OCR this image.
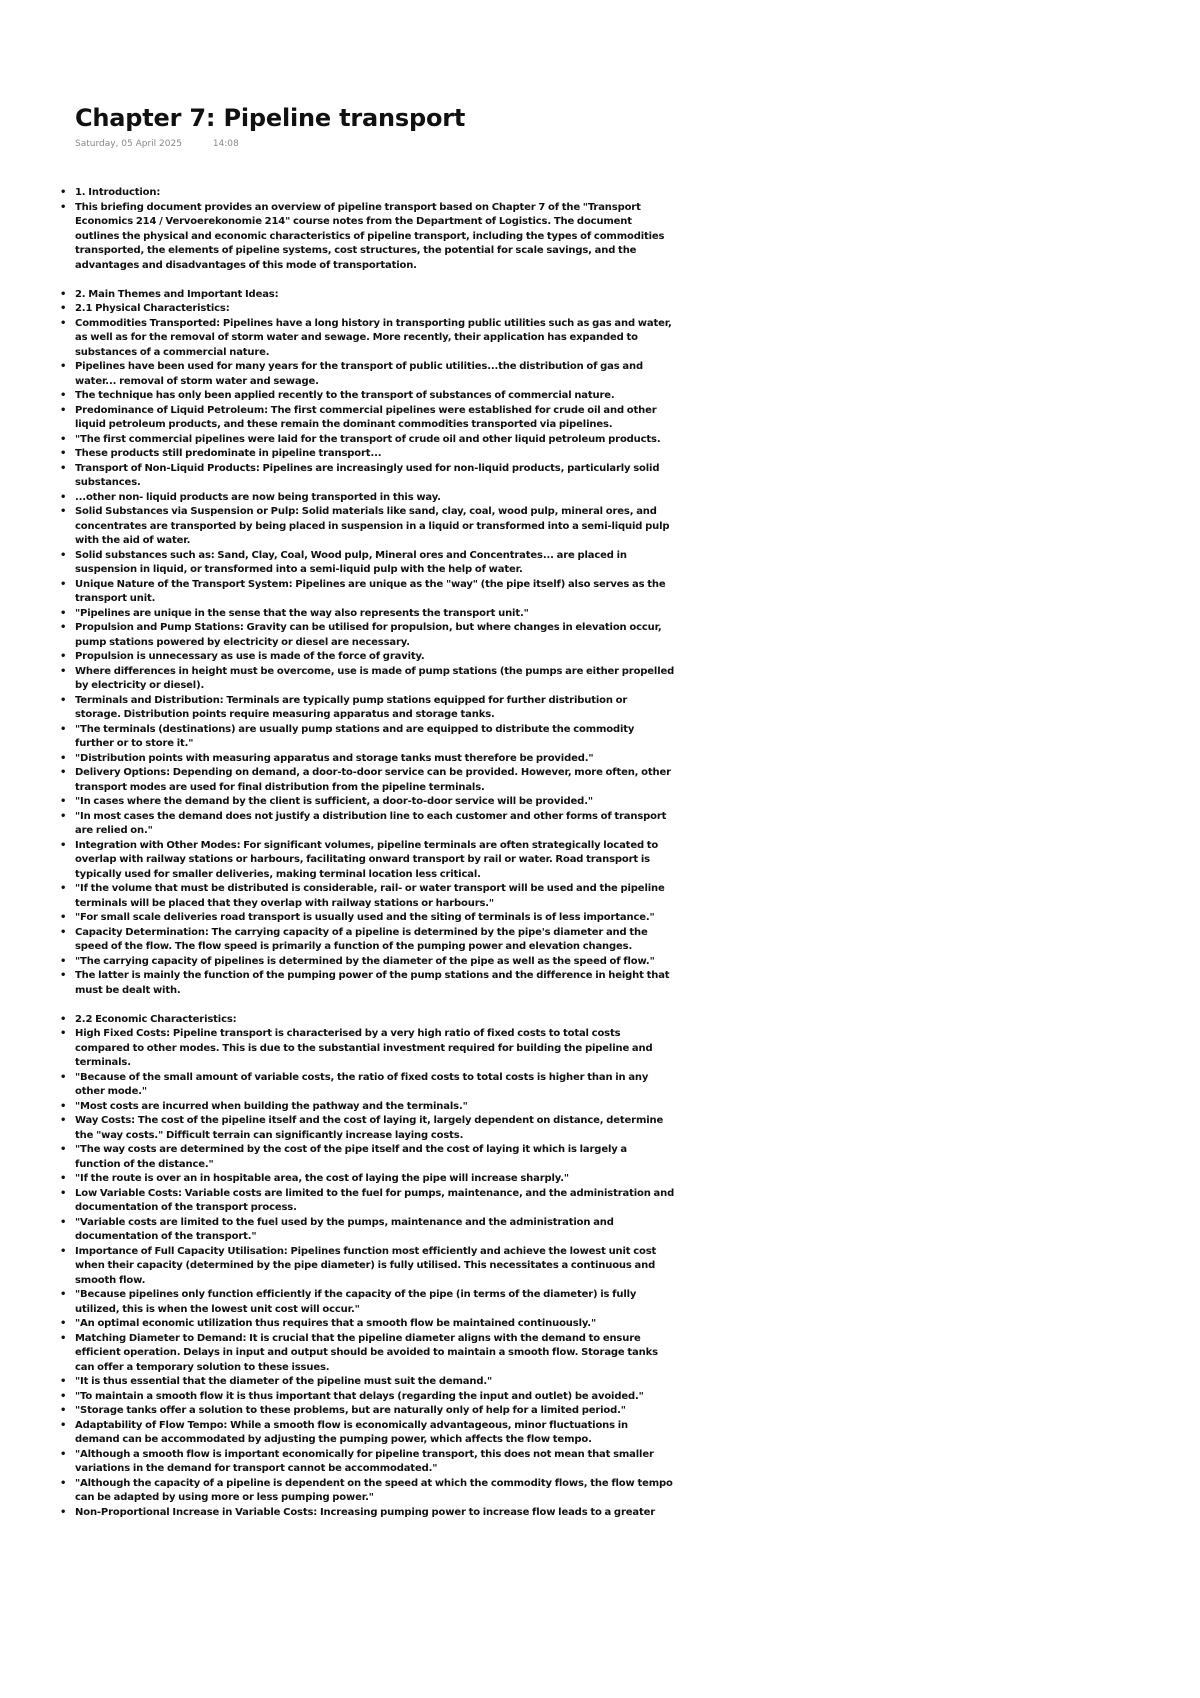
Chapter 7: Pipeline transport
Saturday, 05 April 2025	14:08
• 1. Introduction:
• This briefing document provides an overview of pipeline transport based on Chapter 7 of the "Transport Economics 214 / Vervoerekonomie 214" course notes from the Department of Logistics. The document outlines the physical and economic characteristics of pipeline transport, including the types of commodities transported, the elements of pipeline systems, cost structures, the potential for scale savings, and the advantages and disadvantages of this mode of transportation.
• 2. Main Themes and Important Ideas:
• 2.1 Physical Characteristics:
• Commodities Transported: Pipelines have a long history in transporting public utilities such as gas and water, as well as for the removal of storm water and sewage. More recently, their application has expanded to substances of a commercial nature.
• Pipelines have been used for many years for the transport of public utilities...the distribution of gas and water... removal of storm water and sewage.
• The technique has only been applied recently to the transport of substances of commercial nature.
• Predominance of Liquid Petroleum: The first commercial pipelines were established for crude oil and other liquid petroleum products, and these remain the dominant commodities transported via pipelines.
• "The first commercial pipelines were laid for the transport of crude oil and other liquid petroleum products.
• These products still predominate in pipeline transport...
• Transport of Non-Liquid Products: Pipelines are increasingly used for non-liquid products, particularly solid substances.
• ...other non- liquid products are now being transported in this way.
• Solid Substances via Suspension or Pulp: Solid materials like sand, clay, coal, wood pulp, mineral ores, and concentrates are transported by being placed in suspension in a liquid or transformed into a semi-liquid pulp with the aid of water.
• Solid substances such as: Sand, Clay, Coal, Wood pulp, Mineral ores and Concentrates... are placed in suspension in liquid, or transformed into a semi-liquid pulp with the help of water.
• Unique Nature of the Transport System: Pipelines are unique as the "way" (the pipe itself) also serves as the transport unit.
• "Pipelines are unique in the sense that the way also represents the transport unit."
• Propulsion and Pump Stations: Gravity can be utilised for propulsion, but where changes in elevation occur, pump stations powered by electricity or diesel are necessary.
• Propulsion is unnecessary as use is made of the force of gravity.
• Where differences in height must be overcome, use is made of pump stations (the pumps are either propelled by electricity or diesel).
• Terminals and Distribution: Terminals are typically pump stations equipped for further distribution or storage. Distribution points require measuring apparatus and storage tanks.
• "The terminals (destinations) are usually pump stations and are equipped to distribute the commodity further or to store it."
• "Distribution points with measuring apparatus and storage tanks must therefore be provided."
• Delivery Options: Depending on demand, a door-to-door service can be provided. However, more often, other transport modes are used for final distribution from the pipeline terminals.
• "In cases where the demand by the client is sufficient, a door-to-door service will be provided."
• "In most cases the demand does not justify a distribution line to each customer and other forms of transport are relied on."
• Integration with Other Modes: For significant volumes, pipeline terminals are often strategically located to overlap with railway stations or harbours, facilitating onward transport by rail or water. Road transport is typically used for smaller deliveries, making terminal location less critical.
• "If the volume that must be distributed is considerable, rail- or water transport will be used and the pipeline terminals will be placed that they overlap with railway stations or harbours."
• "For small scale deliveries road transport is usually used and the siting of terminals is of less importance."
• Capacity Determination: The carrying capacity of a pipeline is determined by the pipe's diameter and the speed of the flow. The flow speed is primarily a function of the pumping power and elevation changes.
• "The carrying capacity of pipelines is determined by the diameter of the pipe as well as the speed of flow."
• The latter is mainly the function of the pumping power of the pump stations and the difference in height that must be dealt with.
• 2.2 Economic Characteristics:
• High Fixed Costs: Pipeline transport is characterised by a very high ratio of fixed costs to total costs compared to other modes. This is due to the substantial investment required for building the pipeline and terminals.
• "Because of the small amount of variable costs, the ratio of fixed costs to total costs is higher than in any other mode."
• "Most costs are incurred when building the pathway and the terminals."
• Way Costs: The cost of the pipeline itself and the cost of laying it, largely dependent on distance, determine the "way costs." Difficult terrain can significantly increase laying costs.
• "The way costs are determined by the cost of the pipe itself and the cost of laying it which is largely a function of the distance."
• "If the route is over an in hospitable area, the cost of laying the pipe will increase sharply."
• Low Variable Costs: Variable costs are limited to the fuel for pumps, maintenance, and the administration and documentation of the transport process.
• "Variable costs are limited to the fuel used by the pumps, maintenance and the administration and documentation of the transport."
• Importance of Full Capacity Utilisation: Pipelines function most efficiently and achieve the lowest unit cost when their capacity (determined by the pipe diameter) is fully utilised. This necessitates a continuous and smooth flow.
• "Because pipelines only function efficiently if the capacity of the pipe (in terms of the diameter) is fully utilized, this is when the lowest unit cost will occur."
• "An optimal economic utilization thus requires that a smooth flow be maintained continuously."
• Matching Diameter to Demand: It is crucial that the pipeline diameter aligns with the demand to ensure efficient operation. Delays in input and output should be avoided to maintain a smooth flow. Storage tanks can offer a temporary solution to these issues.
• "It is thus essential that the diameter of the pipeline must suit the demand."
• "To maintain a smooth flow it is thus important that delays (regarding the input and outlet) be avoided."
• "Storage tanks offer a solution to these problems, but are naturally only of help for a limited period."
• Adaptability of Flow Tempo: While a smooth flow is economically advantageous, minor fluctuations in demand can be accommodated by adjusting the pumping power, which affects the flow tempo.
• "Although a smooth flow is important economically for pipeline transport, this does not mean that smaller variations in the demand for transport cannot be accommodated."
• "Although the capacity of a pipeline is dependent on the speed at which the commodity flows, the flow tempo can be adapted by using more or less pumping power."
• Non-Proportional Increase in Variable Costs: Increasing pumping power to increase flow leads to a greater
